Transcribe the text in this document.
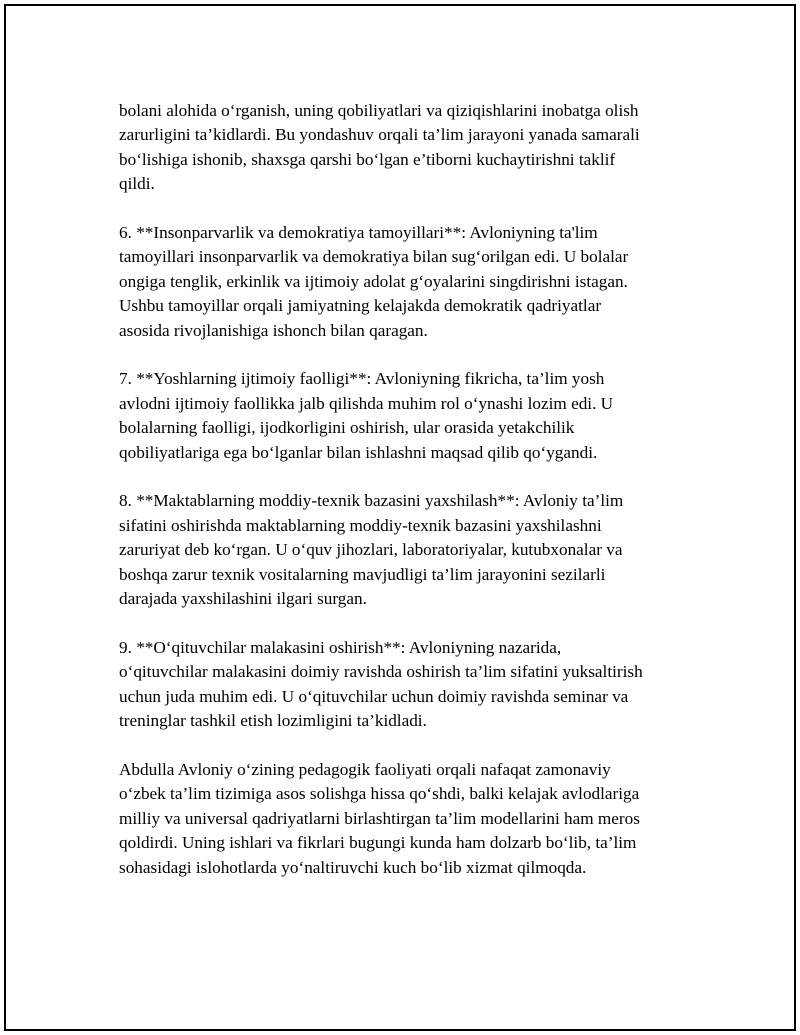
bolani alohida o‘rganish, uning qobiliyatlari va qiziqishlarini inobatga olish
zarurligini ta’kidlardi. Bu yondashuv orqali ta’lim jarayoni yanada samarali
bo‘lishiga ishonib, shaxsga qarshi bo‘lgan e’tiborni kuchaytirishni taklif
qildi.

6. **Insonparvarlik va demokratiya tamoyillari**: Avloniyning ta'lim
tamoyillari insonparvarlik va demokratiya bilan sug‘orilgan edi. U bolalar
ongiga tenglik, erkinlik va ijtimoiy adolat g‘oyalarini singdirishni istagan.
Ushbu tamoyillar orqali jamiyatning kelajakda demokratik qadriyatlar
asosida rivojlanishiga ishonch bilan qaragan.

7. **Yoshlarning ijtimoiy faolligi**: Avloniyning fikricha, ta’lim yosh
avlodni ijtimoiy faollikka jalb qilishda muhim rol o‘ynashi lozim edi. U
bolalarning faolligi, ijodkorligini oshirish, ular orasida yetakchilik
qobiliyatlariga ega bo‘lganlar bilan ishlashni maqsad qilib qo‘ygandi.

8. **Maktablarning moddiy-texnik bazasini yaxshilash**: Avloniy ta’lim
sifatini oshirishda maktablarning moddiy-texnik bazasini yaxshilashni
zaruriyat deb ko‘rgan. U o‘quv jihozlari, laboratoriyalar, kutubxonalar va
boshqa zarur texnik vositalarning mavjudligi ta’lim jarayonini sezilarli
darajada yaxshilashini ilgari surgan.

9. **O‘qituvchilar malakasini oshirish**: Avloniyning nazarida,
o‘qituvchilar malakasini doimiy ravishda oshirish ta’lim sifatini yuksaltirish
uchun juda muhim edi. U o‘qituvchilar uchun doimiy ravishda seminar va
treninglar tashkil etish lozimligini ta’kidladi.

Abdulla Avloniy o‘zining pedagogik faoliyati orqali nafaqat zamonaviy
o‘zbek ta’lim tizimiga asos solishga hissa qo‘shdi, balki kelajak avlodlariga
milliy va universal qadriyatlarni birlashtirgan ta’lim modellarini ham meros
qoldirdi. Uning ishlari va fikrlari bugungi kunda ham dolzarb bo‘lib, ta’lim
sohasidagi islohotlarda yo‘naltiruvchi kuch bo‘lib xizmat qilmoqda.
